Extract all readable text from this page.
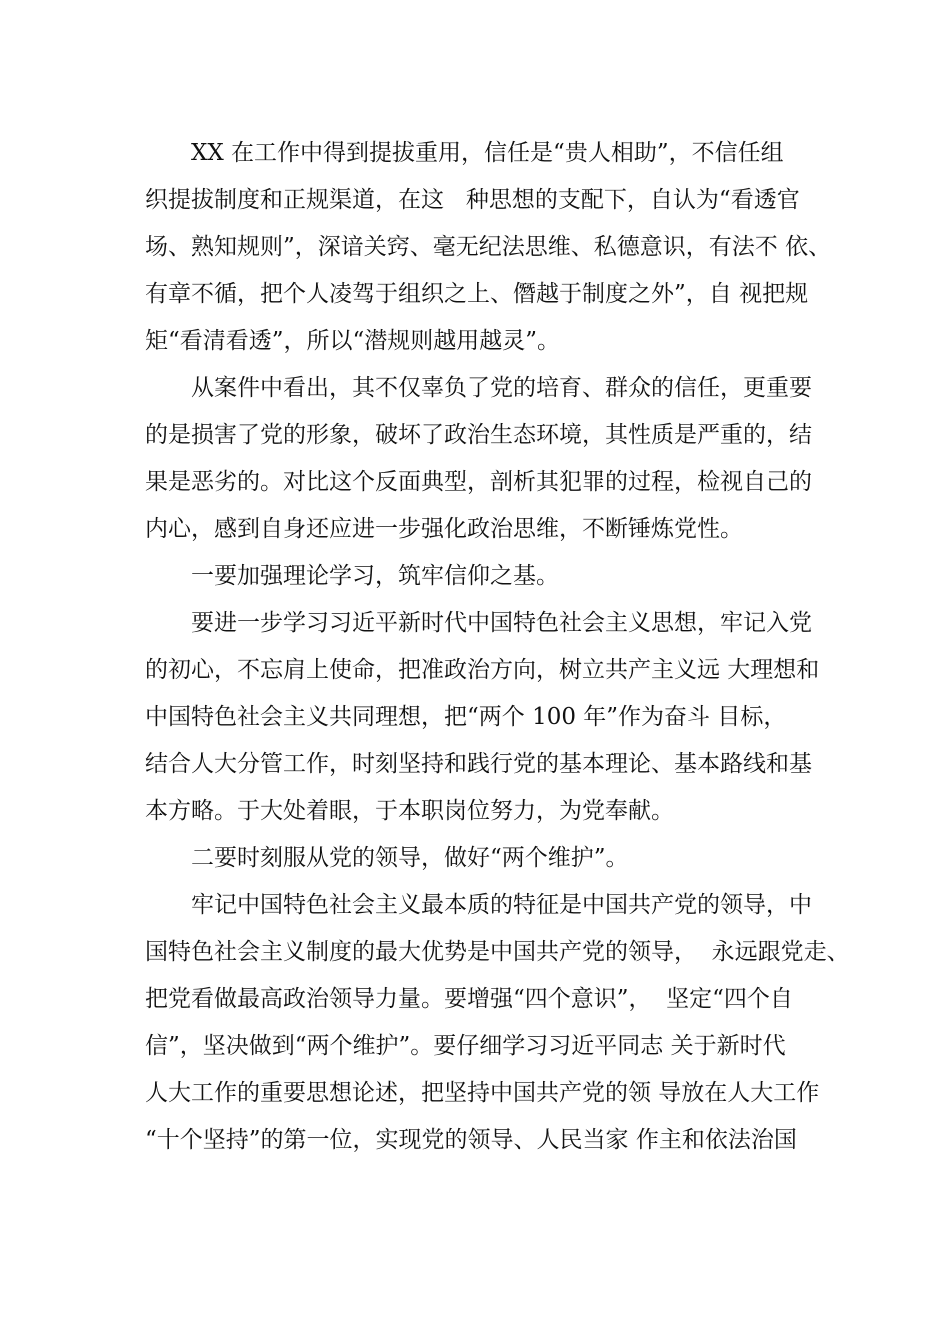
XX 在工作中得到提拔重用，信任是“贵人相助”，不信任组
织提拔制度和正规渠道，在这   种思想的支配下，自认为“看透官
场、熟知规则”，深谙关窍、毫无纪法思维、私德意识，有法不 依、
有章不循，把个人凌驾于组织之上、僭越于制度之外”，自 视把规
矩“看清看透”，所以“潜规则越用越灵”。
从案件中看出，其不仅辜负了党的培育、群众的信任，更重要
的是损害了党的形象，破坏了政治生态环境，其性质是严重的，结
果是恶劣的。对比这个反面典型，剖析其犯罪的过程，检视自己的
内心，感到自身还应进一步强化政治思维，不断锤炼党性。
一要加强理论学习，筑牢信仰之基。
要进一步学习习近平新时代中国特色社会主义思想，牢记入党
的初心，不忘肩上使命，把准政治方向，树立共产主义远 大理想和
中国特色社会主义共同理想，把“两个 100 年”作为奋斗 目标，
结合人大分管工作，时刻坚持和践行党的基本理论、基本路线和基
本方略。于大处着眼，于本职岗位努力，为党奉献。
二要时刻服从党的领导，做好“两个维护”。
牢记中国特色社会主义最本质的特征是中国共产党的领导，中
国特色社会主义制度的最大优势是中国共产党的领导，  永远跟党走、
把党看做最高政治领导力量。要增强“四个意识”，  坚定“四个自
信”，坚决做到“两个维护”。要仔细学习习近平同志 关于新时代
人大工作的重要思想论述，把坚持中国共产党的领 导放在人大工作
“十个坚持”的第一位，实现党的领导、人民当家 作主和依法治国
